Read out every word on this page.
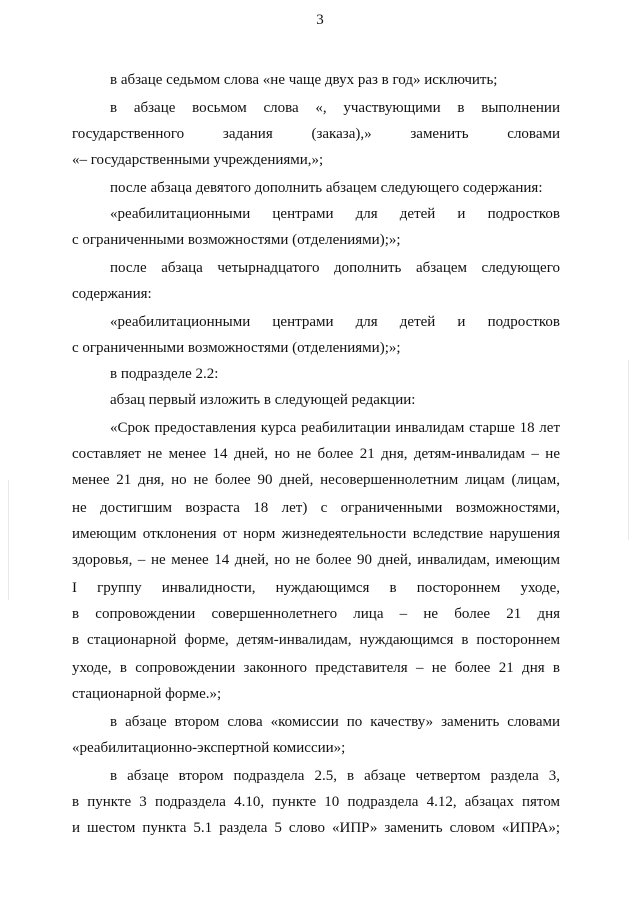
3
в абзаце седьмом слова «не чаще двух раз в год» исключить;
в абзаце восьмом слова «, участвующими в выполнении
государственного задания (заказа),» заменить словами
«– государственными учреждениями,»;
после абзаца девятого дополнить абзацем следующего содержания:
«реабилитационными центрами для детей и подростков
с ограниченными возможностями (отделениями);»;
после абзаца четырнадцатого дополнить абзацем следующего
содержания:
«реабилитационными центрами для детей и подростков
с ограниченными возможностями (отделениями);»;
в подразделе 2.2:
абзац первый изложить в следующей редакции:
«Срок предоставления курса реабилитации инвалидам старше 18 лет
составляет не менее 14 дней, но не более 21 дня, детям-инвалидам – не
менее 21 дня, но не более 90 дней, несовершеннолетним лицам (лицам,
не достигшим возраста 18 лет) с ограниченными возможностями,
имеющим отклонения от норм жизнедеятельности вследствие нарушения
здоровья, – не менее 14 дней, но не более 90 дней, инвалидам, имеющим
I группу инвалидности, нуждающимся в постороннем уходе,
в сопровождении совершеннолетнего лица – не более 21 дня
в стационарной форме, детям-инвалидам, нуждающимся в постороннем
уходе, в сопровождении законного представителя – не более 21 дня в
стационарной форме.»;
в абзаце втором слова «комиссии по качеству» заменить словами
«реабилитационно-экспертной комиссии»;
в абзаце втором подраздела 2.5, в абзаце четвертом раздела 3,
в пункте 3 подраздела 4.10, пункте 10 подраздела 4.12, абзацах пятом
и шестом пункта 5.1 раздела 5 слово «ИПР» заменить словом «ИПРА»;
